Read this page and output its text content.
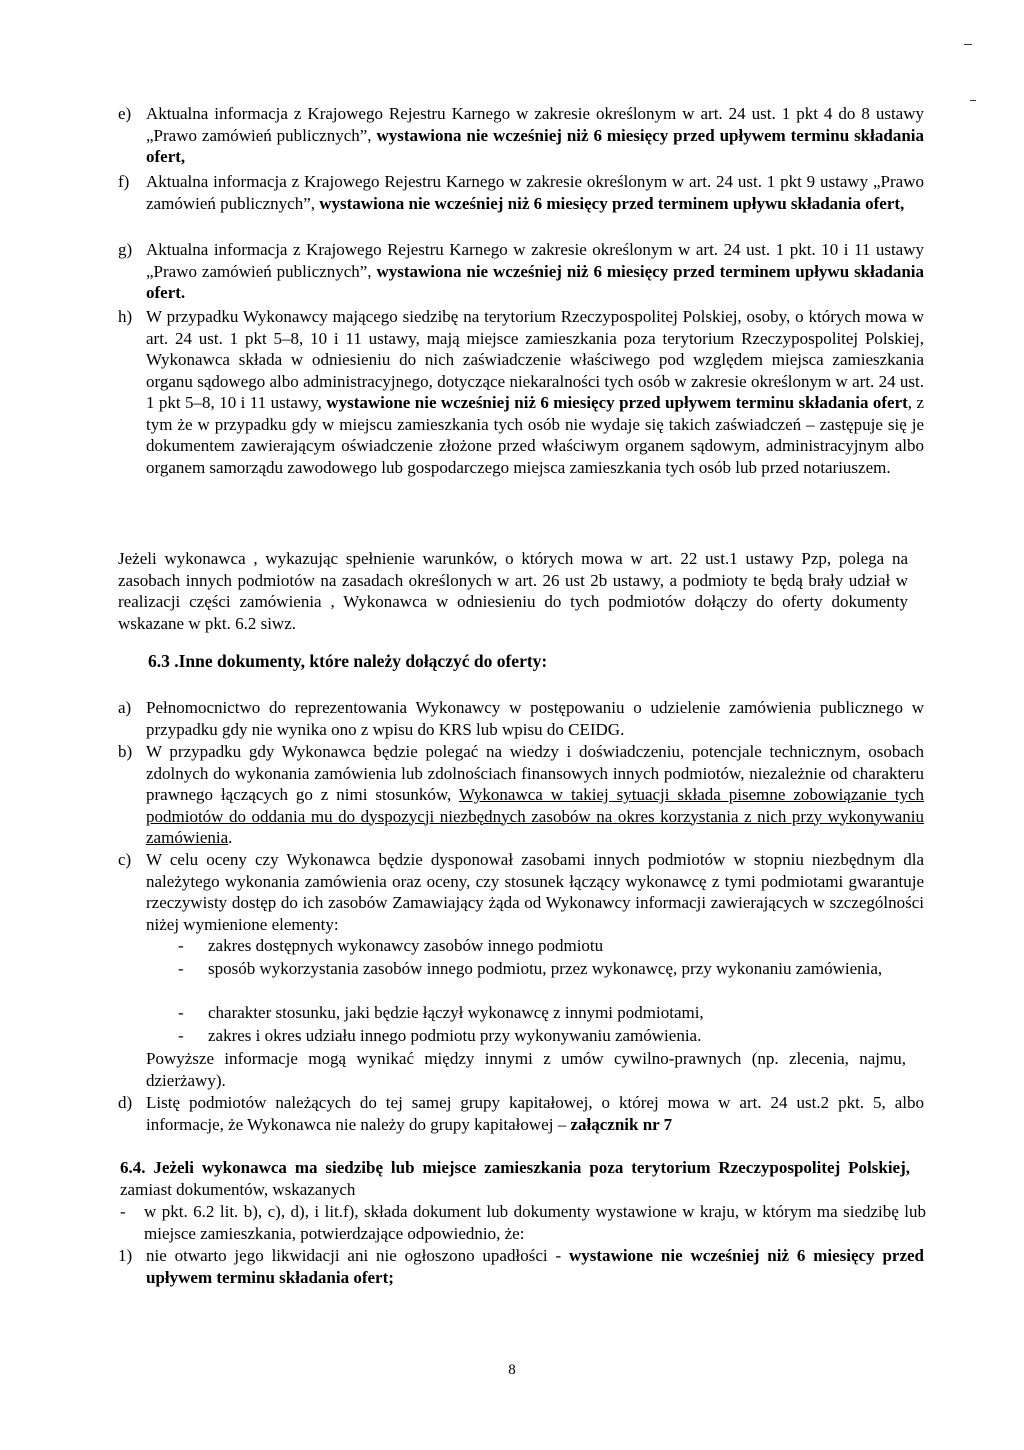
e) Aktualna informacja z Krajowego Rejestru Karnego w zakresie określonym w art. 24 ust. 1 pkt 4 do 8 ustawy „Prawo zamówień publicznych”, wystawiona nie wcześniej niż 6 miesięcy przed upływem terminu składania ofert,
f) Aktualna informacja z Krajowego Rejestru Karnego w zakresie określonym w art. 24 ust. 1 pkt 9 ustawy „Prawo zamówień publicznych”, wystawiona nie wcześniej niż 6 miesięcy przed terminem upływu składania ofert,
g) Aktualna informacja z Krajowego Rejestru Karnego w zakresie określonym w art. 24 ust. 1 pkt. 10 i 11 ustawy „Prawo zamówień publicznych”, wystawiona nie wcześniej niż 6 miesięcy przed terminem upływu składania ofert.
h) W przypadku Wykonawcy mającego siedzibę na terytorium Rzeczypospolitej Polskiej, osoby, o których mowa w art. 24 ust. 1 pkt 5–8, 10 i 11 ustawy, mają miejsce zamieszkania poza terytorium Rzeczypospolitej Polskiej, Wykonawca składa w odniesieniu do nich zaświadczenie właściwego pod względem miejsca zamieszkania organu sądowego albo administracyjnego, dotyczące niekaralności tych osób w zakresie określonym w art. 24 ust. 1 pkt 5–8, 10 i 11 ustawy, wystawione nie wcześniej niż 6 miesięcy przed upływem terminu składania ofert, z tym że w przypadku gdy w miejscu zamieszkania tych osób nie wydaje się takich zaświadczeń – zastępuje się je dokumentem zawierającym oświadczenie złożone przed właściwym organem sądowym, administracyjnym albo organem samorządu zawodowego lub gospodarczego miejsca zamieszkania tych osób lub przed notariuszem.
Jeżeli wykonawca , wykazując spełnienie warunków, o których mowa w art. 22 ust.1 ustawy Pzp, polega na zasobach innych podmiotów na zasadach określonych w art. 26 ust 2b ustawy, a podmioty te będą brały udział w realizacji części zamówienia , Wykonawca w odniesieniu do tych podmiotów dołączy do oferty dokumenty wskazane w pkt. 6.2 siwz.
6.3 .Inne dokumenty, które należy dołączyć do oferty:
a) Pełnomocnictwo do reprezentowania Wykonawcy w postępowaniu o udzielenie zamówienia publicznego w przypadku gdy nie wynika ono z wpisu do KRS lub wpisu do CEIDG.
b) W przypadku gdy Wykonawca będzie polegać na wiedzy i doświadczeniu, potencjale technicznym, osobach zdolnych do wykonania zamówienia lub zdolnościach finansowych innych podmiotów, niezależnie od charakteru prawnego łączących go z nimi stosunków, Wykonawca w takiej sytuacji składa pisemne zobowiązanie tych podmiotów do oddania mu do dyspozycji niezbędnych zasobów na okres korzystania z nich przy wykonywaniu zamówienia.
c) W celu oceny czy Wykonawca będzie dysponował zasobami innych podmiotów w stopniu niezbędnym dla należytego wykonania zamówienia oraz oceny, czy stosunek łączący wykonawcę z tymi podmiotami gwarantuje rzeczywisty dostęp do ich zasobów Zamawiający żąda od Wykonawcy informacji zawierających w szczególności niżej wymienione elementy:
- zakres dostępnych wykonawcy zasobów innego podmiotu
- sposób wykorzystania zasobów innego podmiotu, przez wykonawcę, przy wykonaniu zamówienia,
- charakter stosunku, jaki będzie łączył wykonawcę z innymi podmiotami,
- zakres i okres udziału innego podmiotu przy wykonywaniu zamówienia.
Powyższe informacje mogą wynikać między innymi z umów cywilno-prawnych (np. zlecenia, najmu, dzierżawy).
d) Listę podmiotów należących do tej samej grupy kapitałowej, o której mowa w art. 24 ust.2 pkt. 5, albo informacje, że Wykonawca nie należy do grupy kapitałowej – załącznik nr 7
6.4. Jeżeli wykonawca ma siedzibę lub miejsce zamieszkania poza terytorium Rzeczypospolitej Polskiej, zamiast dokumentów, wskazanych
- w pkt. 6.2 lit. b), c), d), i lit.f), składa dokument lub dokumenty wystawione w kraju, w którym ma siedzibę lub miejsce zamieszkania, potwierdzające odpowiednio, że:
1) nie otwarto jego likwidacji ani nie ogłoszono upadłości - wystawione nie wcześniej niż 6 miesięcy przed upływem terminu składania ofert;
8
